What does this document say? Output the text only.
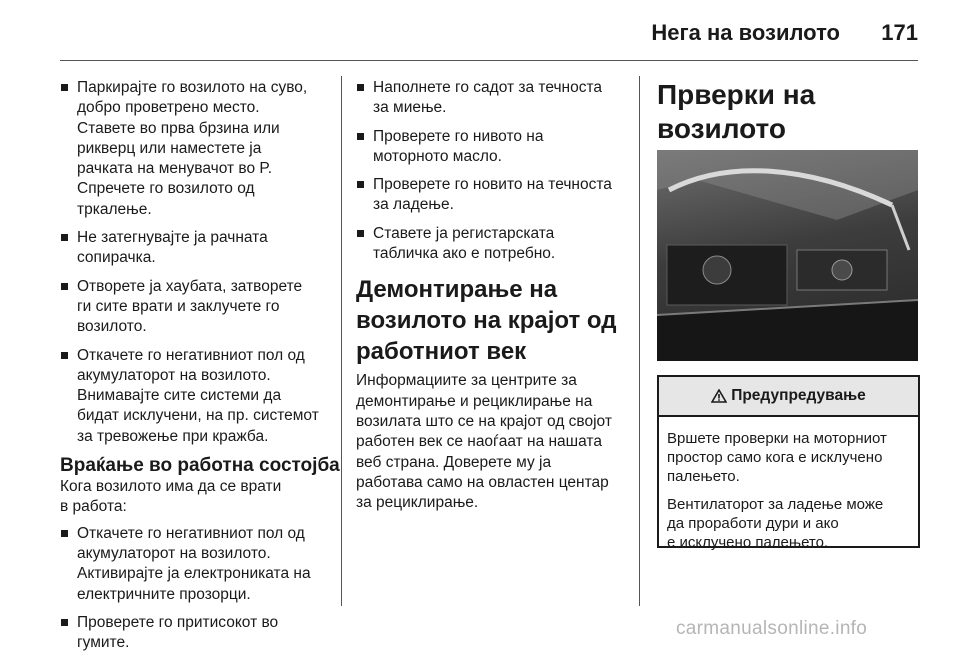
Нега на возилото	171
Паркирајте го возилото на суво,
добро проветрено место.
Ставете во прва брзина или
рикверц или наместете ја
рачката на менувачот во P.
Спречете го возилото од
тркалење.
Не затегнувајте ја рачната
сопирачка.
Отворете ја хаубата, затворете
ги сите врати и заклучете го
возилото.
Откачете го негативниот пол од
акумулаторот на возилото.
Внимавајте сите системи да
бидат исклучени, на пр. системот
за тревожење при кражба.
Враќање во работна состојба

Кога возилото има да се врати
в работа:

Откачете го негативниот пол од
акумулаторот на возилото.
Активирајте ја електрониката на
електричните прозорци.
Проверете го притисокот во
гумите.
Наполнете го садот за течноста
за миење.
Проверете го нивото на
моторното масло.
Проверете го новито на течноста
за ладење.
Ставете ја регистарската
табличка ако е потребно.
Демонтирање на
возилото на крајот од
работниот век

Информациите за центрите за
демонтирање и рециклирање на
возилата што се на крајот од својот
работен век се наоѓаат на нашата
веб страна. Доверете му ја
работава само на овластен центар
за рециклирање.

Прверки на возилото
Предупредување

Вршете проверки на моторниот
простор само кога е исклучено
палењето.

Вентилаторот за ладење може
да проработи дури и ако
е исклучено палењето.

carmanualsonline.info
